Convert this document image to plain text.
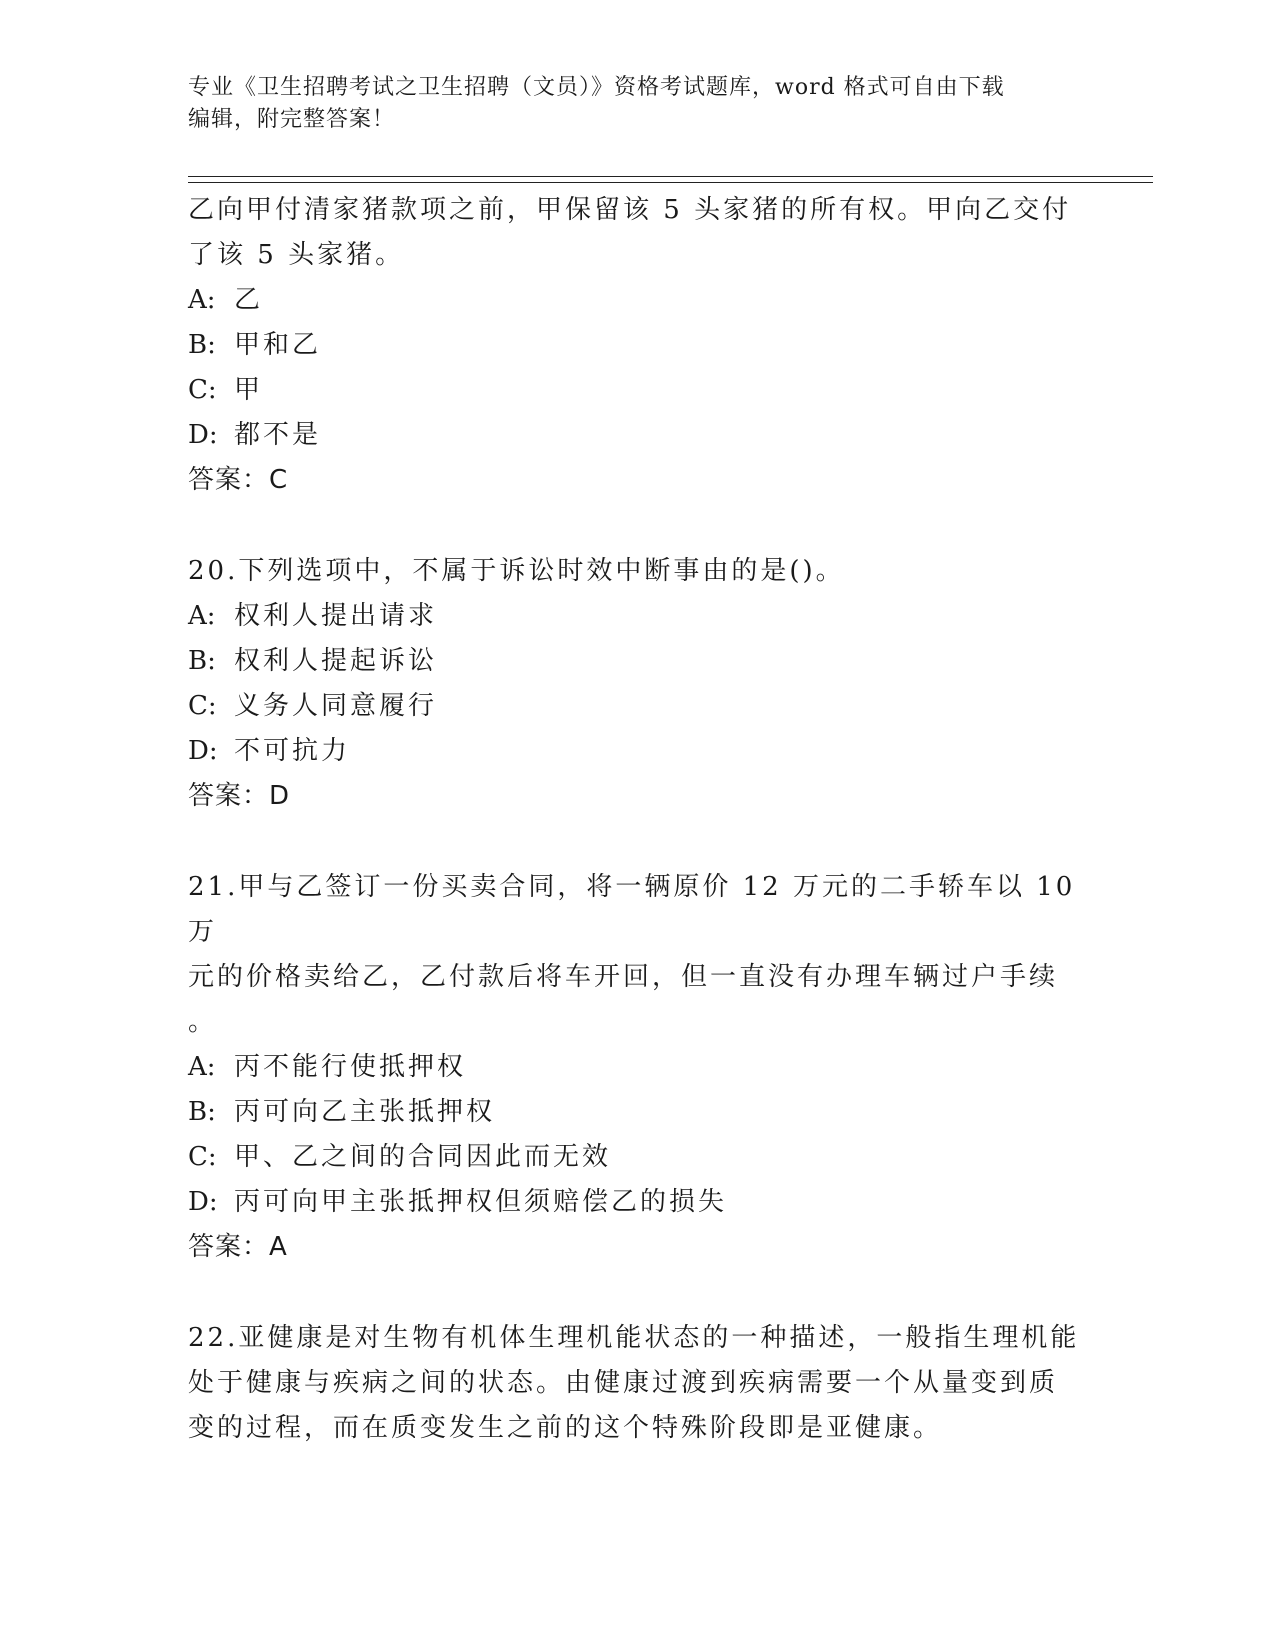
专业《卫生招聘考试之卫生招聘（文员）》资格考试题库，word 格式可自由下载
编辑，附完整答案！

乙向甲付清家猪款项之前，甲保留该 5 头家猪的所有权。甲向乙交付

了该 5 头家猪。

A: 乙

B: 甲和乙

C: 甲

D: 都不是

答案：C

20.下列选项中，不属于诉讼时效中断事由的是()。

A: 权利人提出请求

B: 权利人提起诉讼

C: 义务人同意履行

D: 不可抗力

答案：D

21.甲与乙签订一份买卖合同，将一辆原价 12 万元的二手轿车以 10 万

元的价格卖给乙，乙付款后将车开回，但一直没有办理车辆过户手续

。

A: 丙不能行使抵押权

B: 丙可向乙主张抵押权

C: 甲、乙之间的合同因此而无效

D: 丙可向甲主张抵押权但须赔偿乙的损失

答案：A

22.亚健康是对生物有机体生理机能状态的一种描述，一般指生理机能

处于健康与疾病之间的状态。由健康过渡到疾病需要一个从量变到质

变的过程，而在质变发生之前的这个特殊阶段即是亚健康。
